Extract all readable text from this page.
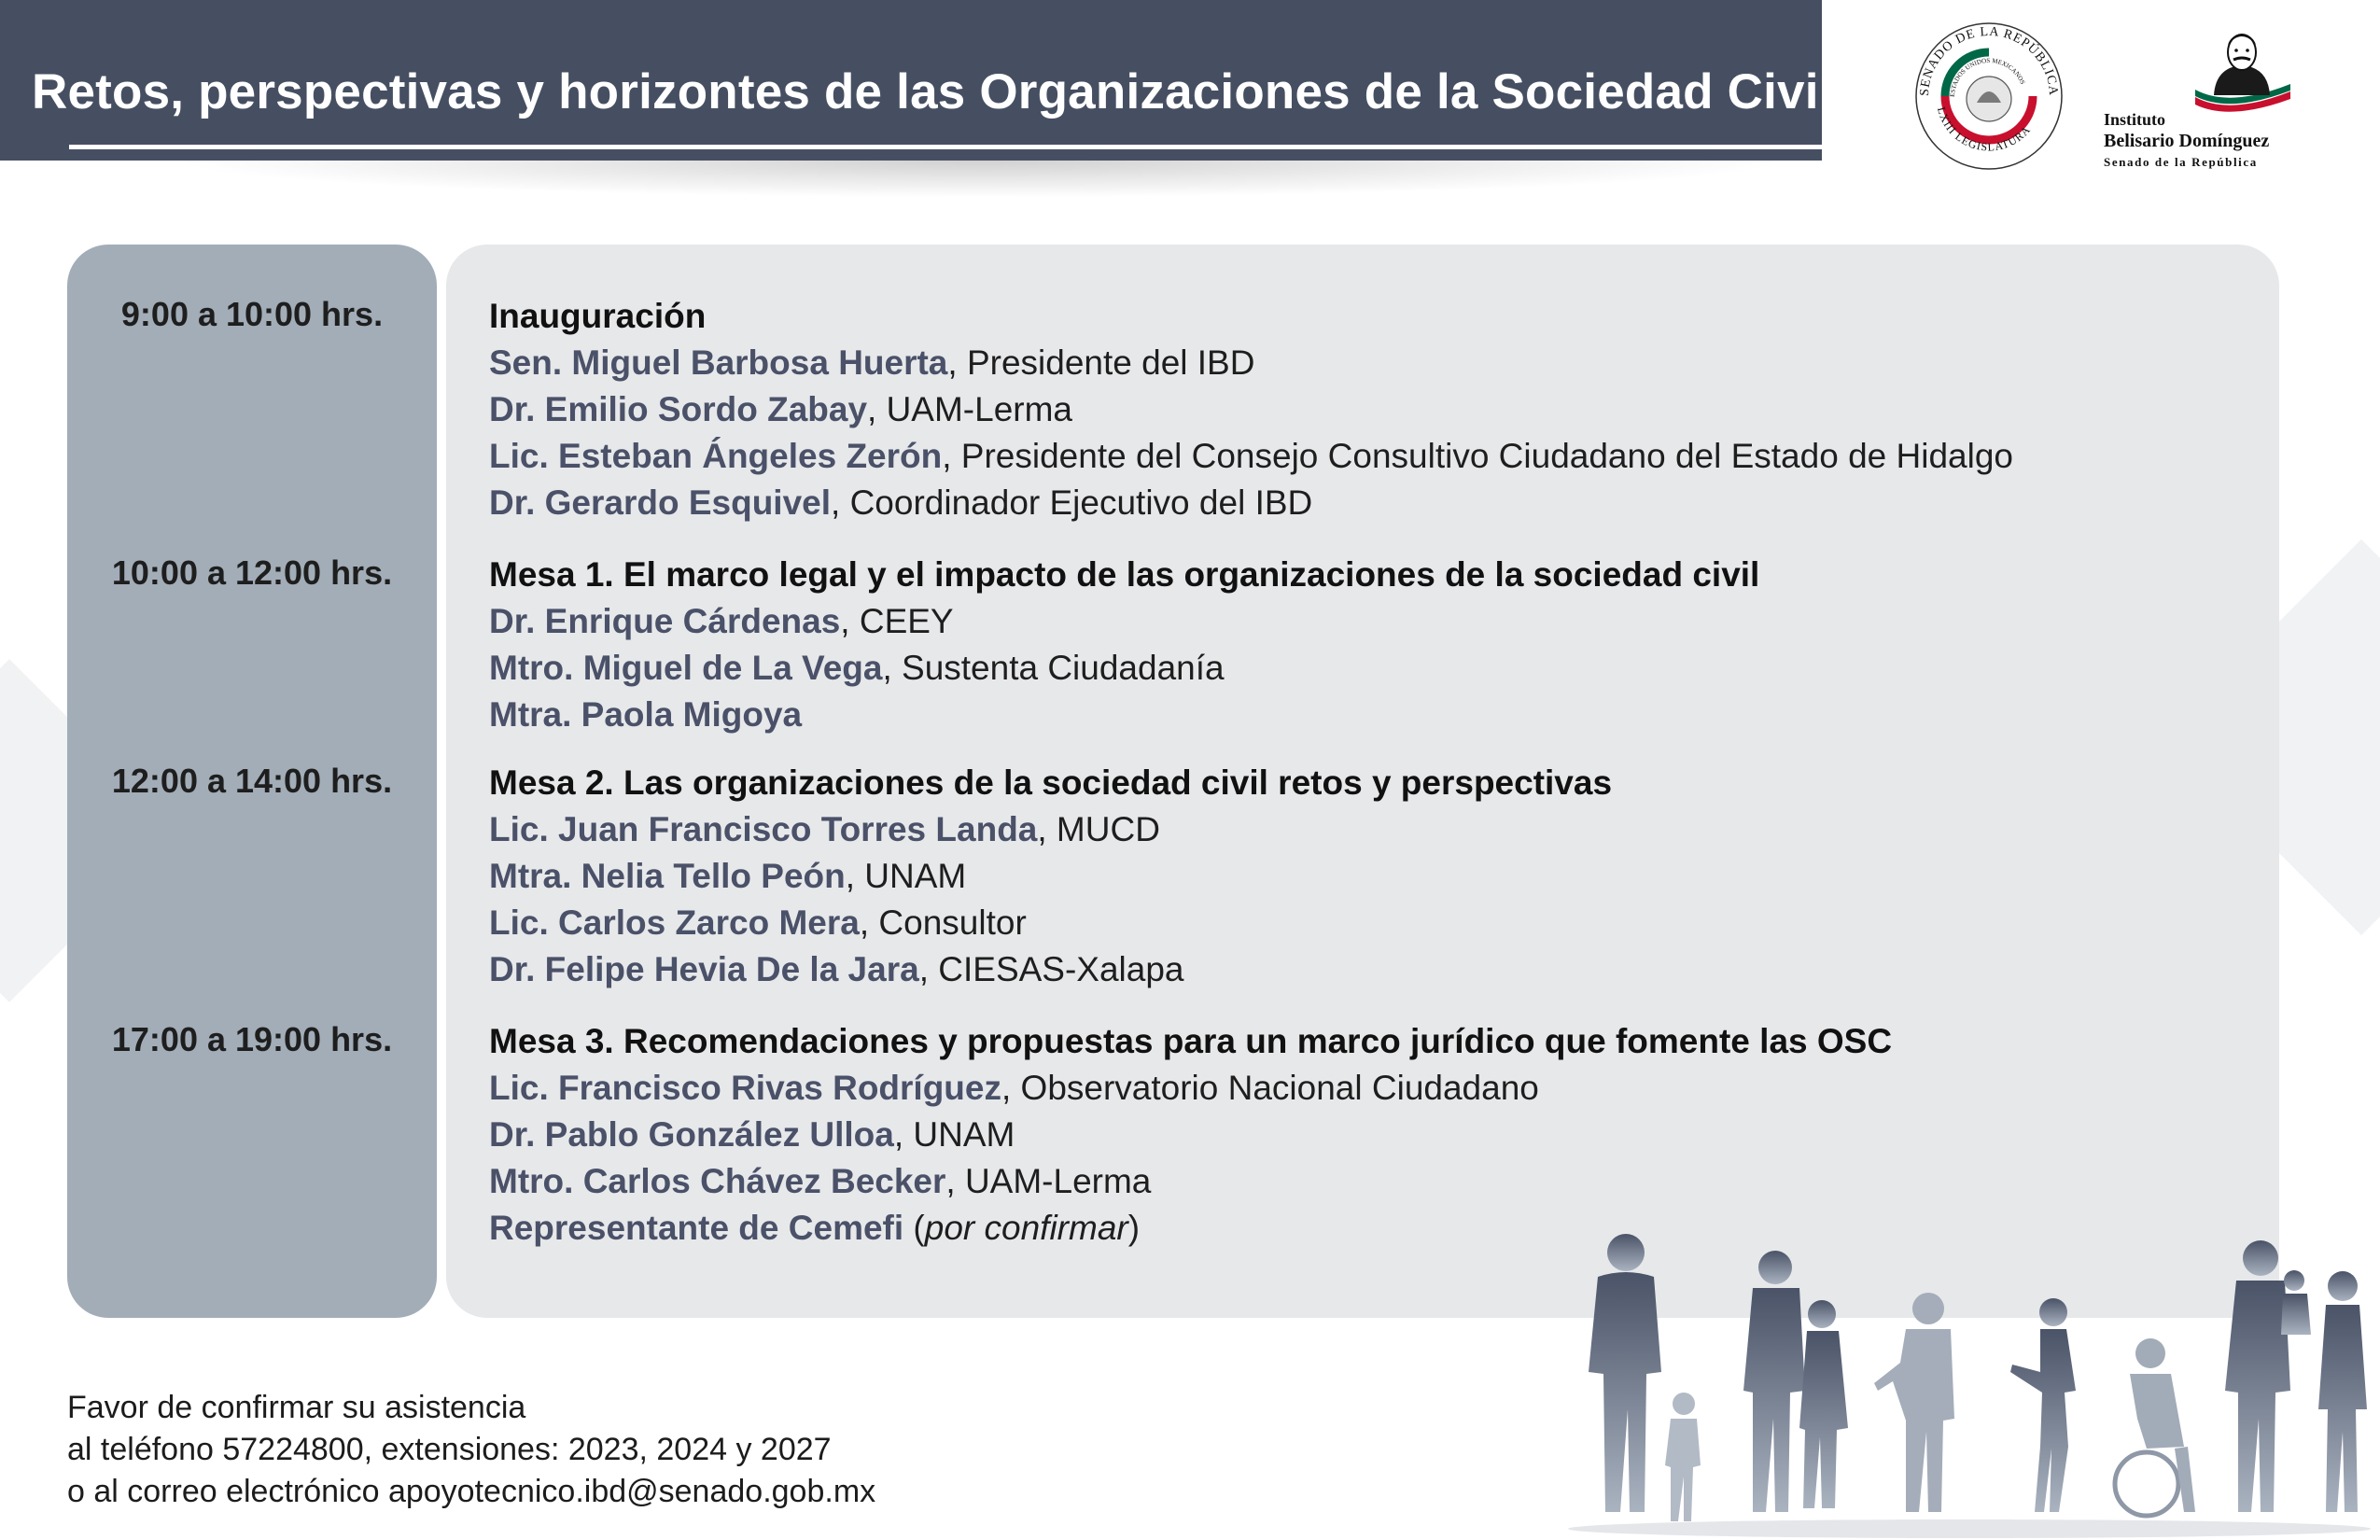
Retos, perspectivas y horizontes de las Organizaciones de la Sociedad Civil	SENADO DE LA REPÚBLICA
ESTADOS UNIDOS MEXICANOS
LXIII LEGISLATURA
Instituto
Belisario Domínguez
Senado de la República
9:00 a 10:00 hrs.	Inauguración
Sen. Miguel Barbosa Huerta, Presidente del IBD
Dr. Emilio Sordo Zabay, UAM-Lerma
Lic. Esteban Ángeles Zerón, Presidente del Consejo Consultivo Ciudadano del Estado de Hidalgo
Dr. Gerardo Esquivel, Coordinador Ejecutivo del IBD
10:00 a 12:00 hrs.	Mesa 1. El marco legal y el impacto de las organizaciones de la sociedad civil
Dr. Enrique Cárdenas, CEEY
Mtro. Miguel de La Vega, Sustenta Ciudadanía
Mtra. Paola Migoya
12:00 a 14:00 hrs.	Mesa 2. Las organizaciones de la sociedad civil retos y perspectivas
Lic. Juan Francisco Torres Landa, MUCD
Mtra. Nelia Tello Peón, UNAM
Lic. Carlos Zarco Mera, Consultor
Dr. Felipe Hevia De la Jara, CIESAS-Xalapa
17:00 a 19:00 hrs.	Mesa 3. Recomendaciones y propuestas para un marco jurídico que fomente las OSC
Lic. Francisco Rivas Rodríguez, Observatorio Nacional Ciudadano
Dr. Pablo González Ulloa, UNAM
Mtro. Carlos Chávez Becker, UAM-Lerma
Representante de Cemefi (por confirmar)
Favor de confirmar su asistencia
al teléfono 57224800, extensiones: 2023, 2024 y 2027
o al correo electrónico apoyotecnico.ibd@senado.gob.mx
